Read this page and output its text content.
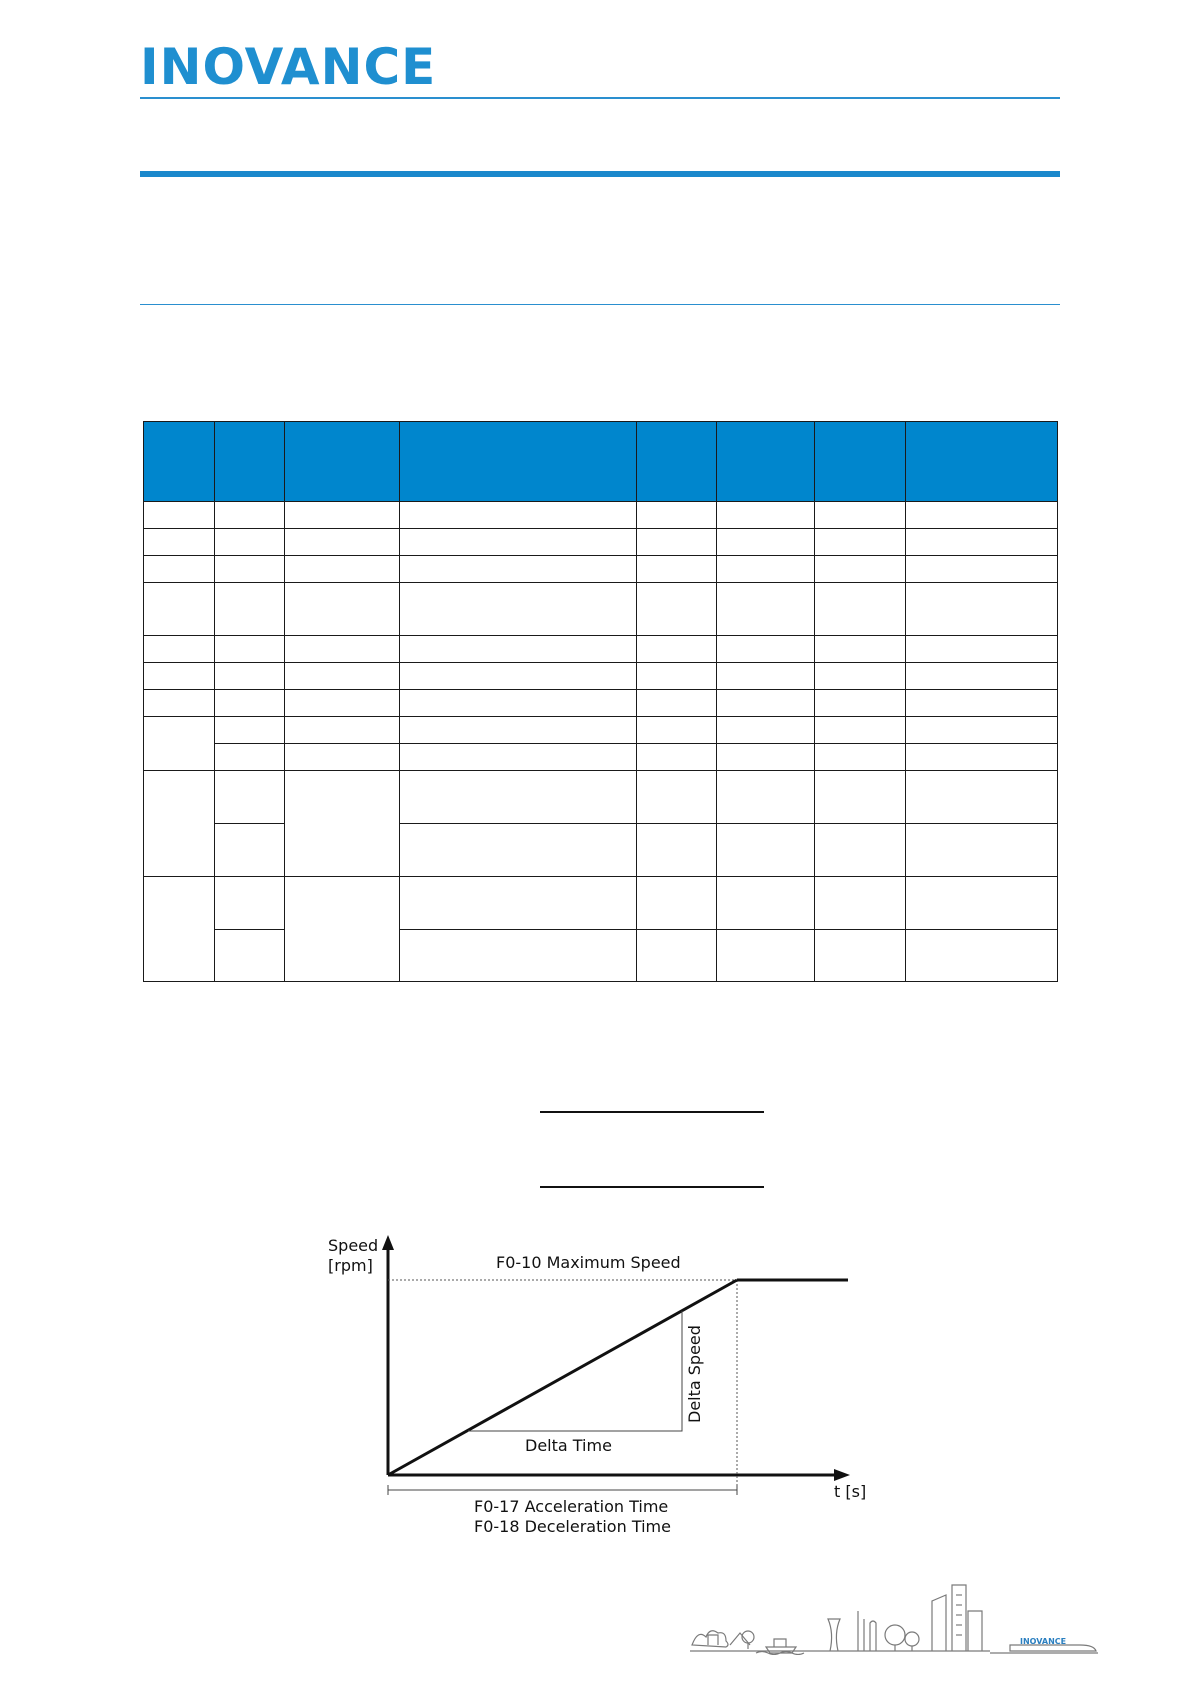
INOVANCE

Speed
[rpm]	F0-10 Maximum Speed
Delta Speed
Delta Time
t [s]
F0-17 Acceleration Time
F0-18 Deceleration Time
INOVANCE
